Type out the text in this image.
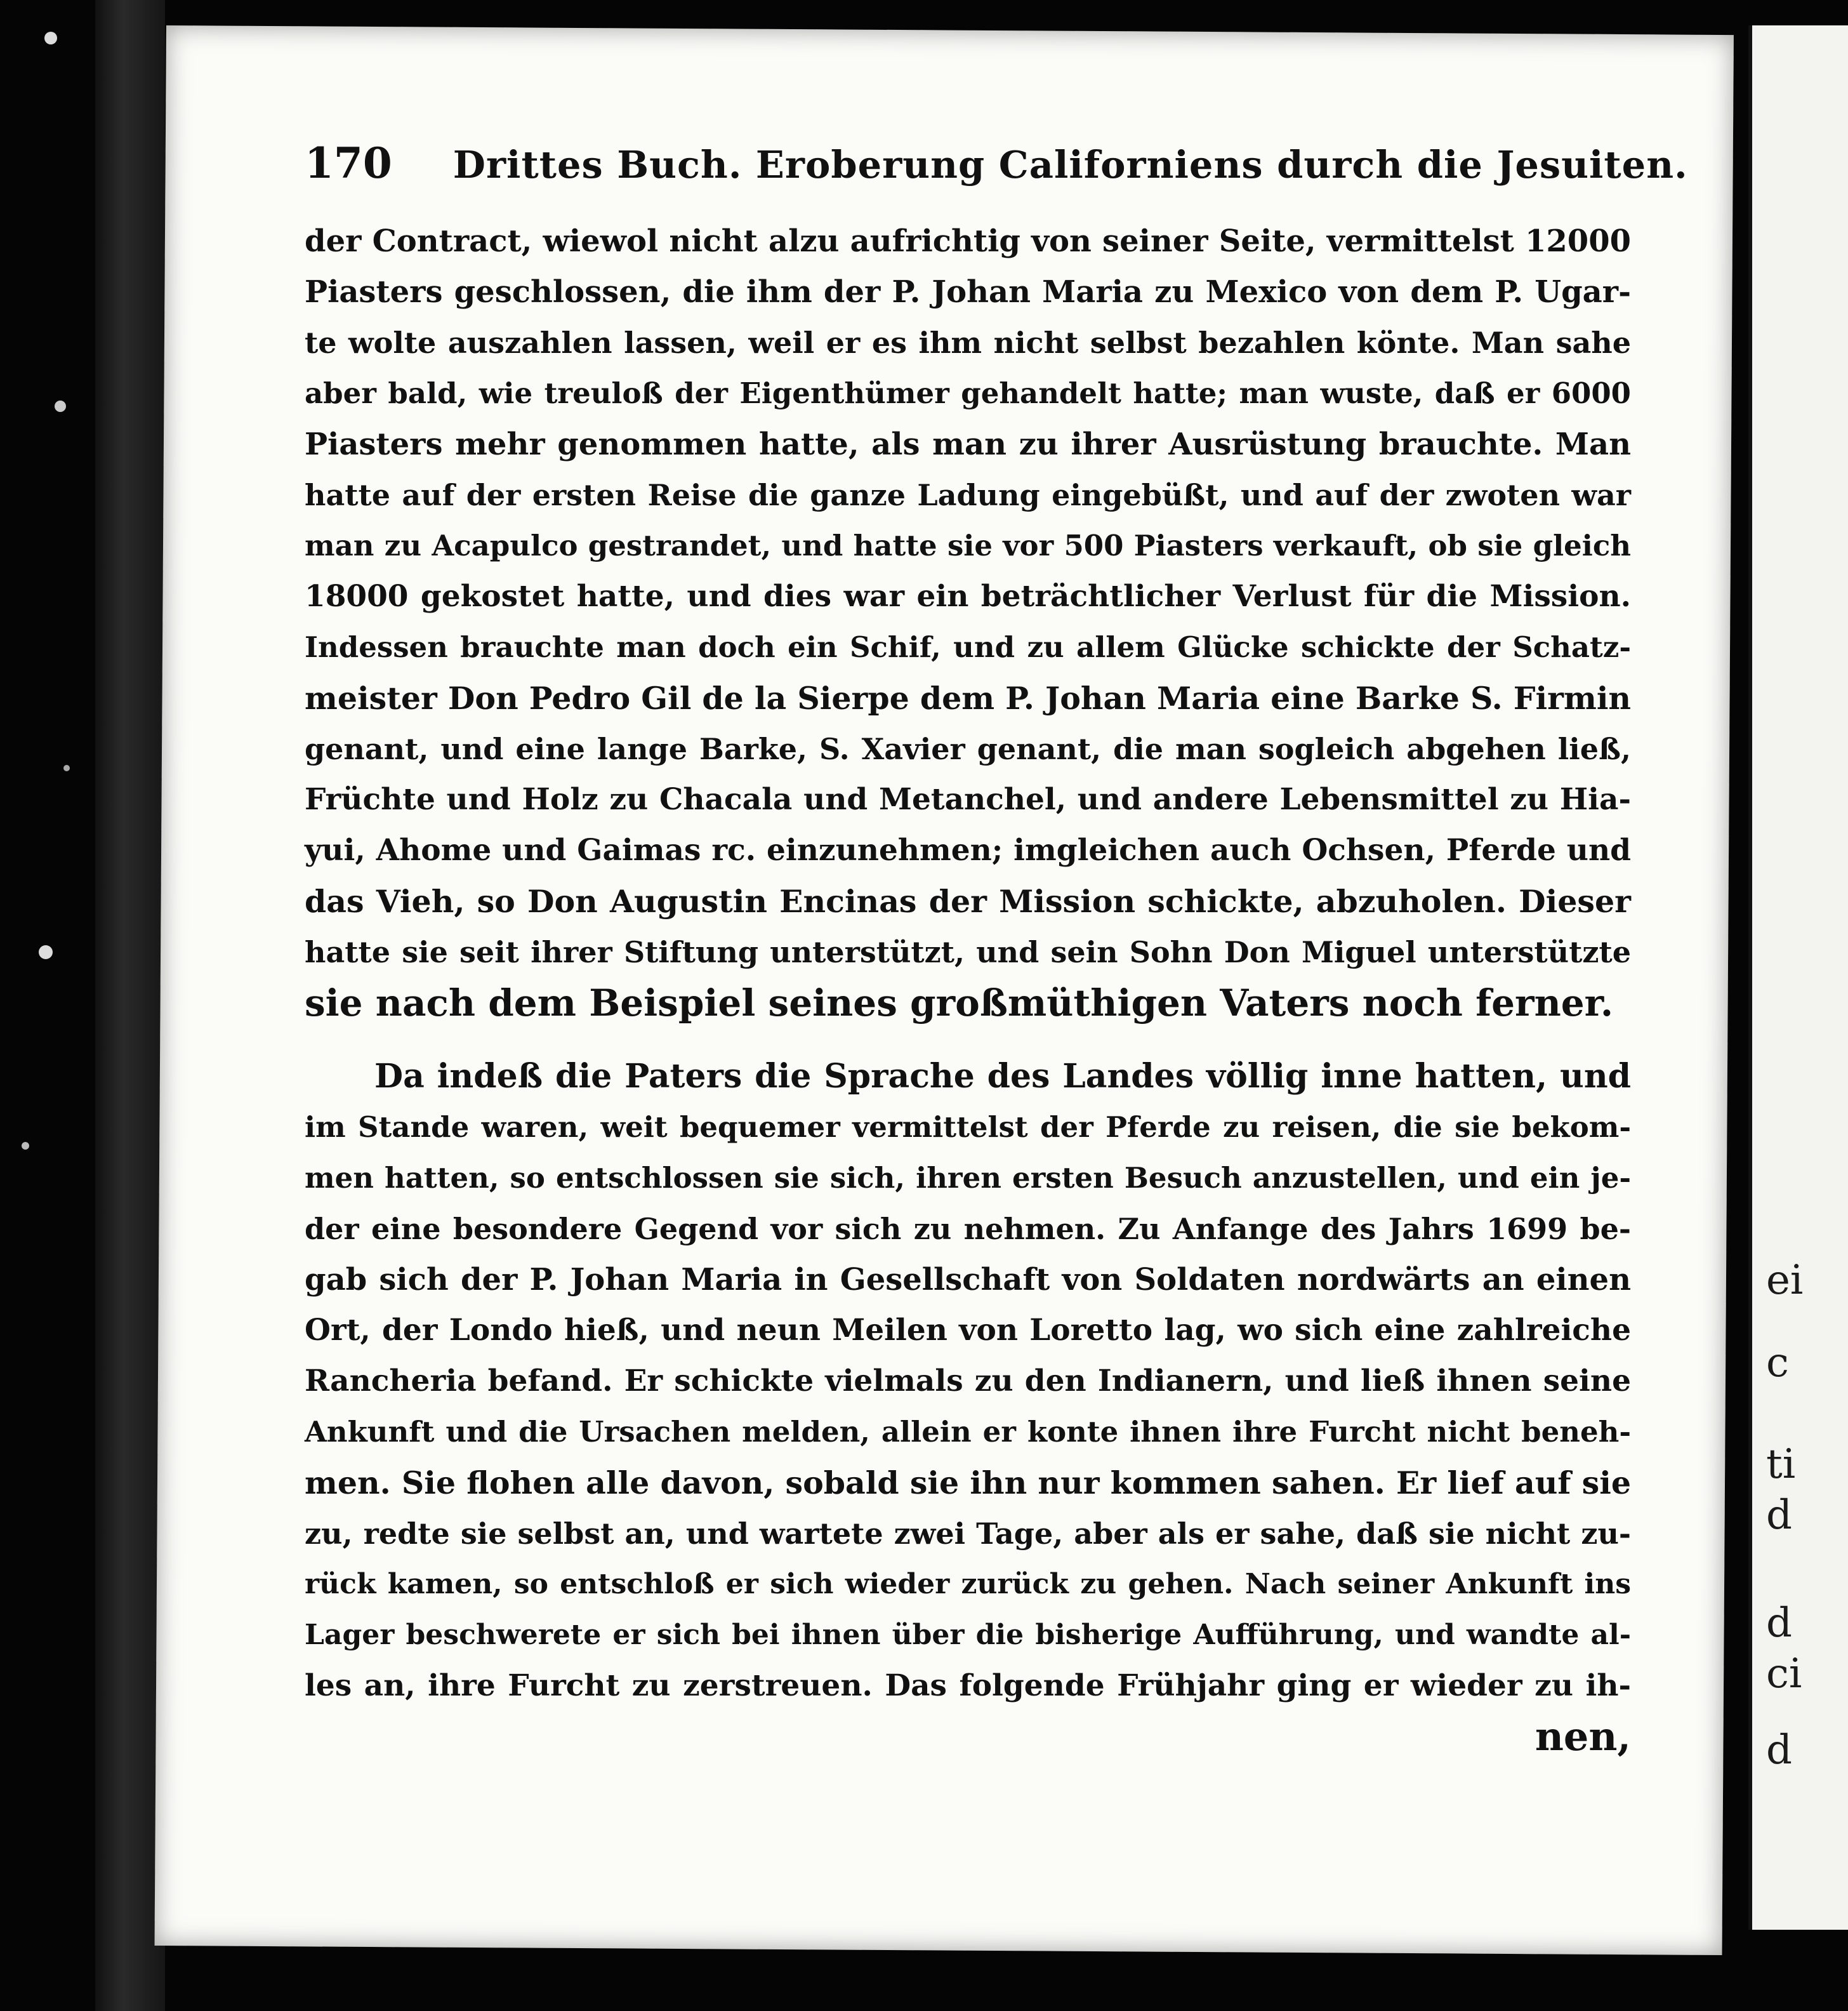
ei
c
ti
d
d
ci
d
170 Drittes Buch. Eroberung Californiens durch die Jesuiten.
der Contract, wiewol nicht alzu aufrichtig von seiner Seite, vermittelst 12000
Piasters geschlossen, die ihm der P. Johan Maria zu Mexico von dem P. Ugar-
te wolte auszahlen lassen, weil er es ihm nicht selbst bezahlen könte. Man sahe
aber bald, wie treuloß der Eigenthümer gehandelt hatte; man wuste, daß er 6000
Piasters mehr genommen hatte, als man zu ihrer Ausrüstung brauchte. Man
hatte auf der ersten Reise die ganze Ladung eingebüßt, und auf der zwoten war
man zu Acapulco gestrandet, und hatte sie vor 500 Piasters verkauft, ob sie gleich
18000 gekostet hatte, und dies war ein beträchtlicher Verlust für die Mission.
Indessen brauchte man doch ein Schif, und zu allem Glücke schickte der Schatz-
meister Don Pedro Gil de la Sierpe dem P. Johan Maria eine Barke S. Firmin
genant, und eine lange Barke, S. Xavier genant, die man sogleich abgehen ließ,
Früchte und Holz zu Chacala und Metanchel, und andere Lebensmittel zu Hia-
yui, Ahome und Gaimas rc. einzunehmen; imgleichen auch Ochsen, Pferde und
das Vieh, so Don Augustin Encinas der Mission schickte, abzuholen. Dieser
hatte sie seit ihrer Stiftung unterstützt, und sein Sohn Don Miguel unterstützte
sie nach dem Beispiel seines großmüthigen Vaters noch ferner.
Da indeß die Paters die Sprache des Landes völlig inne hatten, und
im Stande waren, weit bequemer vermittelst der Pferde zu reisen, die sie bekom-
men hatten, so entschlossen sie sich, ihren ersten Besuch anzustellen, und ein je-
der eine besondere Gegend vor sich zu nehmen. Zu Anfange des Jahrs 1699 be-
gab sich der P. Johan Maria in Gesellschaft von Soldaten nordwärts an einen
Ort, der Londo hieß, und neun Meilen von Loretto lag, wo sich eine zahlreiche
Rancheria befand. Er schickte vielmals zu den Indianern, und ließ ihnen seine
Ankunft und die Ursachen melden, allein er konte ihnen ihre Furcht nicht beneh-
men. Sie flohen alle davon, sobald sie ihn nur kommen sahen. Er lief auf sie
zu, redte sie selbst an, und wartete zwei Tage, aber als er sahe, daß sie nicht zu-
rück kamen, so entschloß er sich wieder zurück zu gehen. Nach seiner Ankunft ins
Lager beschwerete er sich bei ihnen über die bisherige Aufführung, und wandte al-
les an, ihre Furcht zu zerstreuen. Das folgende Frühjahr ging er wieder zu ih-
nen,
